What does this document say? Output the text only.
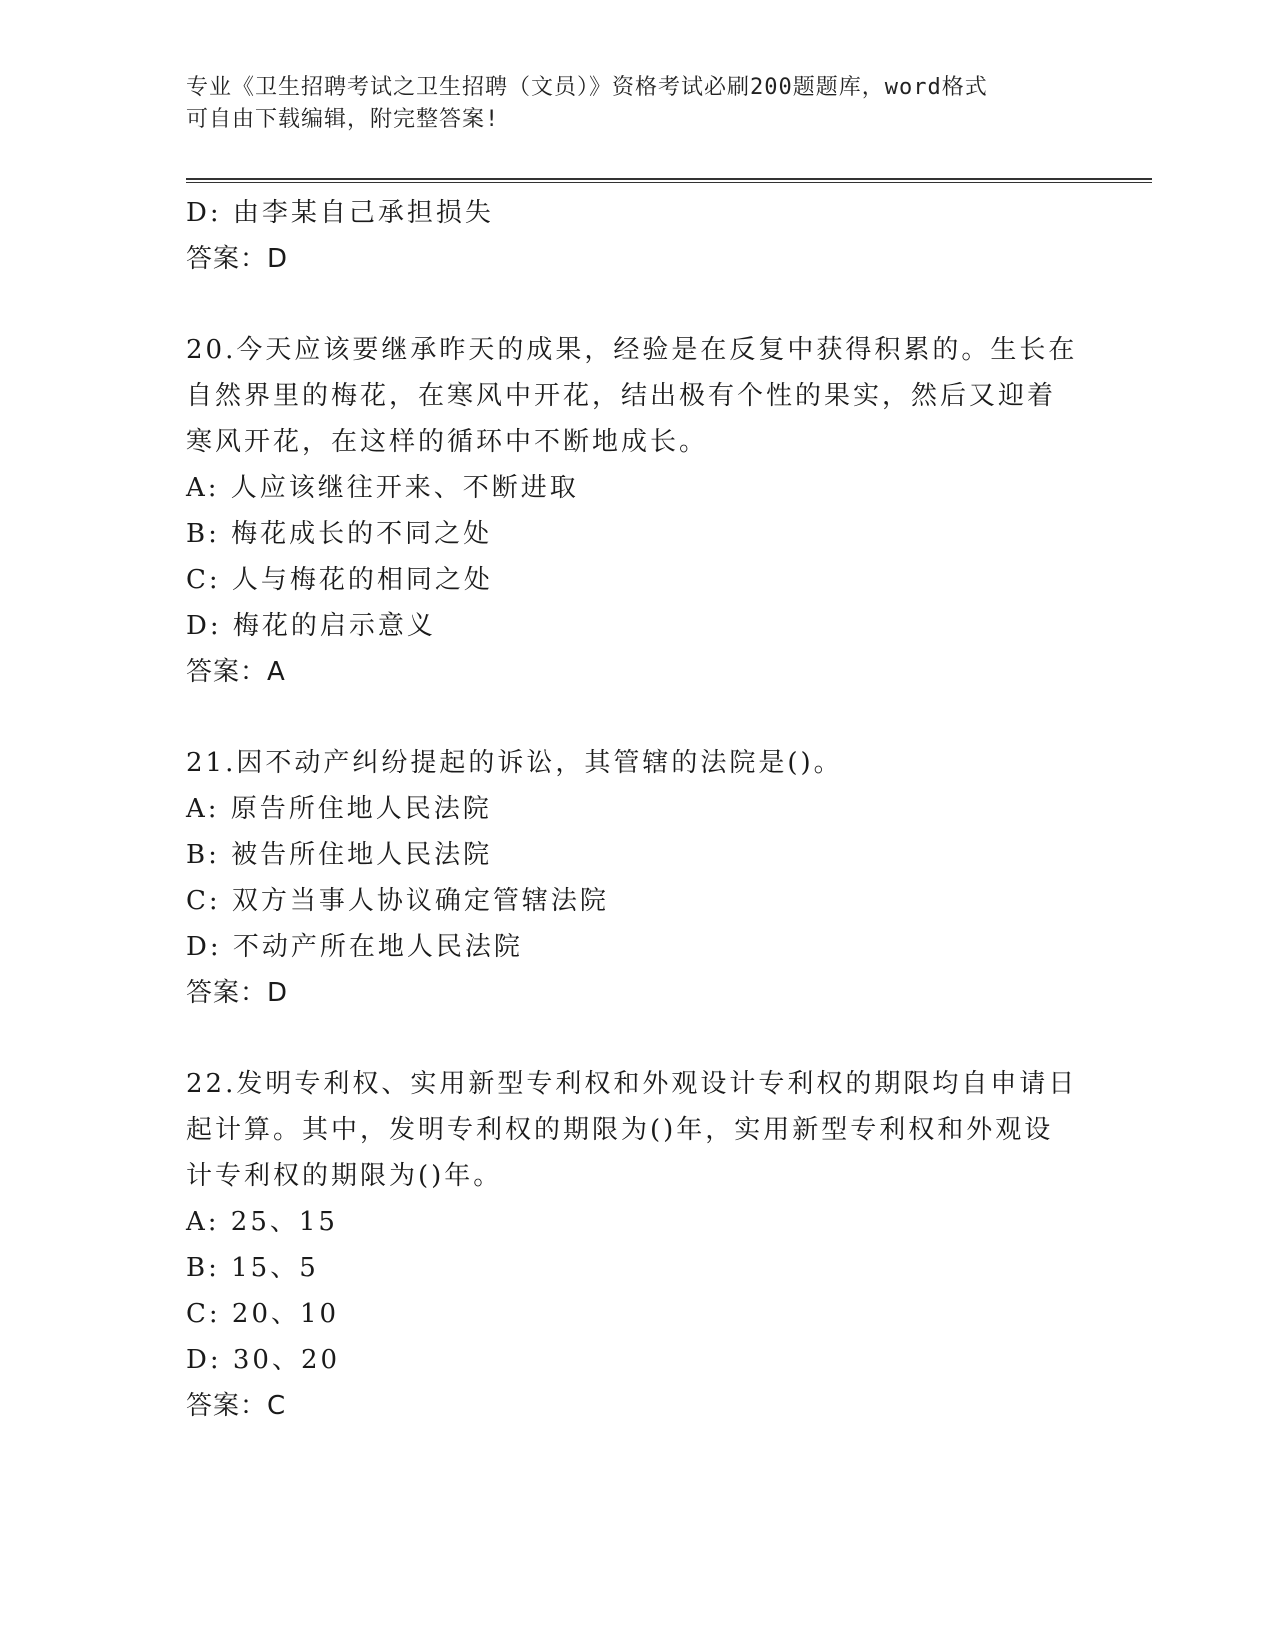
专业《卫生招聘考试之卫生招聘（文员）》资格考试必刷200题题库，word格式
可自由下载编辑，附完整答案!
D: 由李某自己承担损失
答案：D
20.今天应该要继承昨天的成果，经验是在反复中获得积累的。生长在
自然界里的梅花，在寒风中开花，结出极有个性的果实，然后又迎着
寒风开花，在这样的循环中不断地成长。
A: 人应该继往开来、不断进取
B: 梅花成长的不同之处
C: 人与梅花的相同之处
D: 梅花的启示意义
答案：A
21.因不动产纠纷提起的诉讼，其管辖的法院是()。
A: 原告所住地人民法院
B: 被告所住地人民法院
C: 双方当事人协议确定管辖法院
D: 不动产所在地人民法院
答案：D
22.发明专利权、实用新型专利权和外观设计专利权的期限均自申请日
起计算。其中，发明专利权的期限为()年，实用新型专利权和外观设
计专利权的期限为()年。
A: 25、15
B: 15、5
C: 20、10
D: 30、20
答案：C
